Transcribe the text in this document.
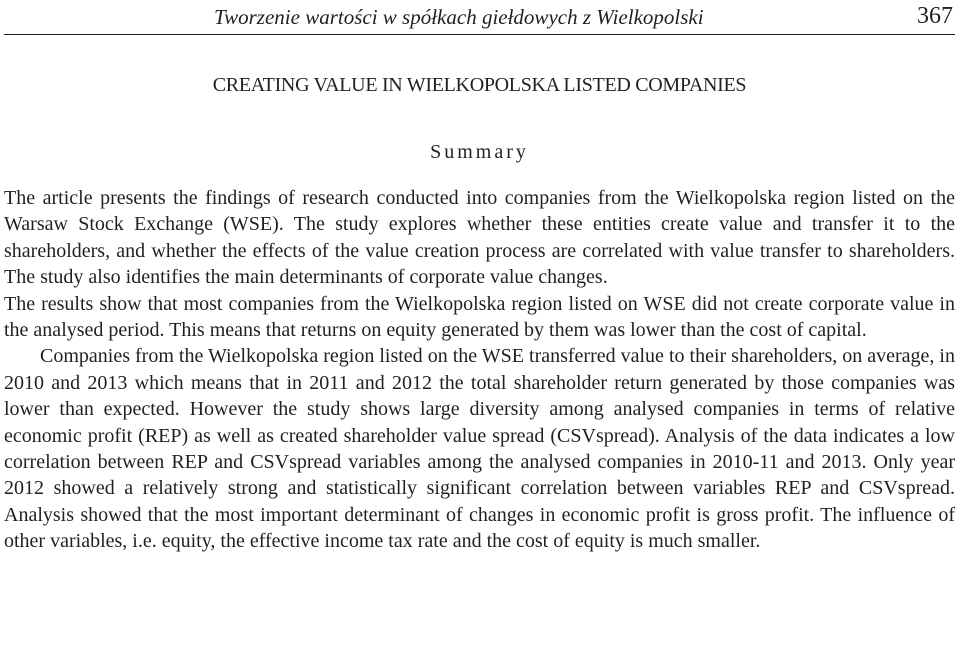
Tworzenie wartości w spółkach giełdowych z Wielkopolski	367
CREATING VALUE IN WIELKOPOLSKA LISTED COMPANIES
Summary

The article presents the findings of research conducted into companies from the Wielkopolska region listed on the Warsaw Stock Exchange (WSE). The study explores whether these entities create value and transfer it to the shareholders, and whether the effects of the value creation process are correlated with value transfer to shareholders. The study also identifies the main determinants of corporate value changes.

The results show that most companies from the Wielkopolska region listed on WSE did not create corporate value in the analysed period. This means that returns on equity generated by them was lower than the cost of capital.

Companies from the Wielkopolska region listed on the WSE transferred value to their shareholders, on average, in 2010 and 2013 which means that in 2011 and 2012 the total shareholder return generated by those companies was lower than expected. However the study shows large diversity among analysed companies in terms of relative economic profit (REP) as well as created shareholder value spread (CSVspread). Analysis of the data indicates a low correlation between REP and CSVspread variables among the analysed companies in 2010-11 and 2013. Only year 2012 showed a relatively strong and statistically significant correlation between variables REP and CSVspread. Analysis showed that the most important determinant of changes in economic profit is gross profit. The influence of other variables, i.e. equity, the effective income tax rate and the cost of equity is much smaller.
